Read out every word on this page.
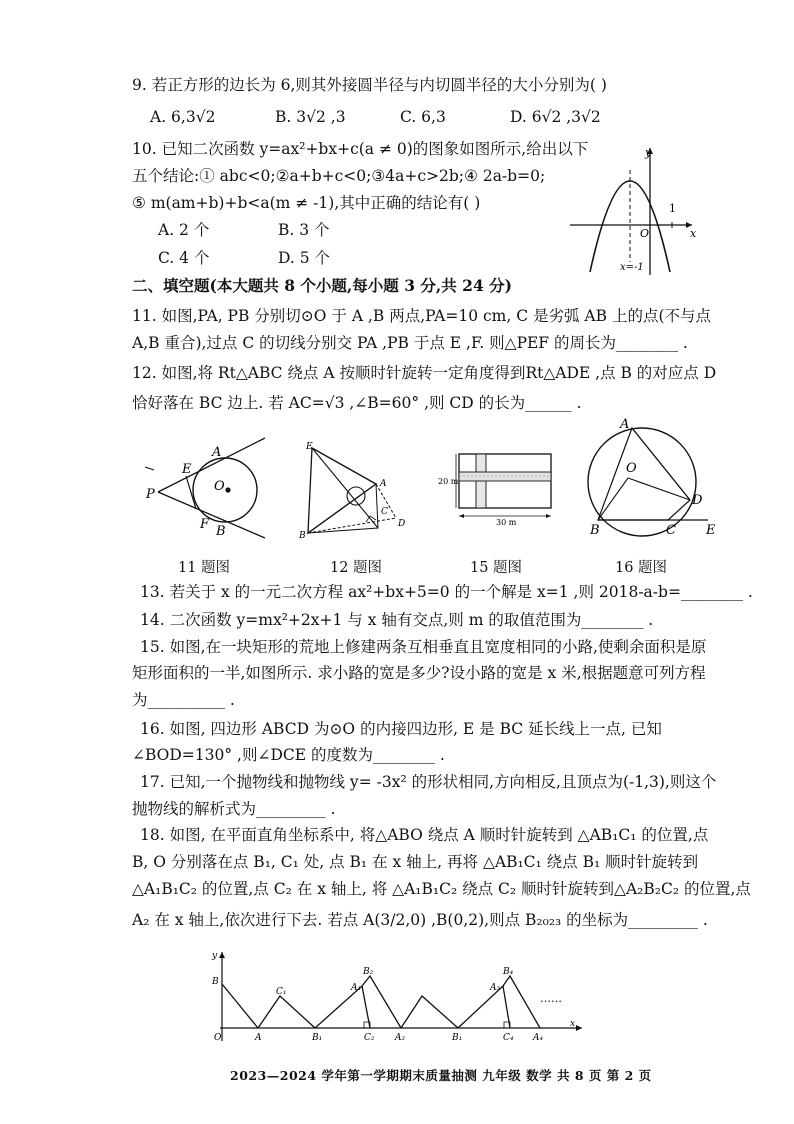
9. 若正方形的边长为 6,则其外接圆半径与内切圆半径的大小分别为( )
A. 6,3√2	B. 3√2 ,3	C. 6,3	D. 6√2 ,3√2
10. 已知二次函数 y=ax²+bx+c(a ≠ 0)的图象如图所示,给出以下
五个结论:① abc<0;②a+b+c<0;③4a+c>2b;④ 2a-b=0;
⑤ m(am+b)+b<a(m ≠ -1),其中正确的结论有( )
A. 2 个	B. 3 个
C. 4 个	D. 5 个
y
x
O
1
x=-1
二、填空题(本大题共 8 个小题,每小题 3 分,共 24 分)
11. 如图,PA, PB 分别切⊙O 于 A ,B 两点,PA=10 cm, C 是劣弧 AB 上的点(不与点
A,B 重合),过点 C 的切线分别交 PA ,PB 于点 E ,F. 则△PEF 的周长为________ .
12. 如图,将 Rt△ABC 绕点 A 按顺时针旋转一定角度得到Rt△ADE ,点 B 的对应点 D
恰好落在 BC 边上. 若 AC=√3 ,∠B=60° ,则 CD 的长为______ .
P
E
A
O
F B
11 题图
E
A
C
D
B
12 题图
20 m
30 m
15 题图
A
O
D
B	C E
16 题图
13. 若关于 x 的一元二次方程 ax²+bx+5=0 的一个解是 x=1 ,则 2018-a-b=________ .
14. 二次函数 y=mx²+2x+1 与 x 轴有交点,则 m 的取值范围为________ .
15. 如图,在一块矩形的荒地上修建两条互相垂直且宽度相同的小路,使剩余面积是原
矩形面积的一半,如图所示. 求小路的宽是多少?设小路的宽是 x 米,根据题意可列方程
为__________ .
16. 如图, 四边形 ABCD 为⊙O 的内接四边形, E 是 BC 延长线上一点, 已知
∠BOD=130° ,则∠DCE 的度数为________ .
17. 已知,一个抛物线和抛物线 y= -3x² 的形状相同,方向相反,且顶点为(-1,3),则这个
抛物线的解析式为_________ .
18. 如图, 在平面直角坐标系中, 将△ABO 绕点 A 顺时针旋转到 △AB₁C₁ 的位置,点
B, O 分别落在点 B₁, C₁ 处, 点 B₁ 在 x 轴上, 再将 △AB₁C₁ 绕点 B₁ 顺时针旋转到
△A₁B₁C₂ 的位置,点 C₂ 在 x 轴上, 将 △A₁B₁C₂ 绕点 C₂ 顺时针旋转到△A₂B₂C₂ 的位置,点
A₂ 在 x 轴上,依次进行下去. 若点 A(3/2,0) ,B(0,2),则点 B₂₀₂₃ 的坐标为_________ .
y
x
B
O	A
C₁
B₁
A₁
B₂
C₂ A₂	B₁
A₃
B₄
C₄ A₄
……
2023—2024 学年第一学期期末质量抽测 九年级 数学 共 8 页 第 2 页
